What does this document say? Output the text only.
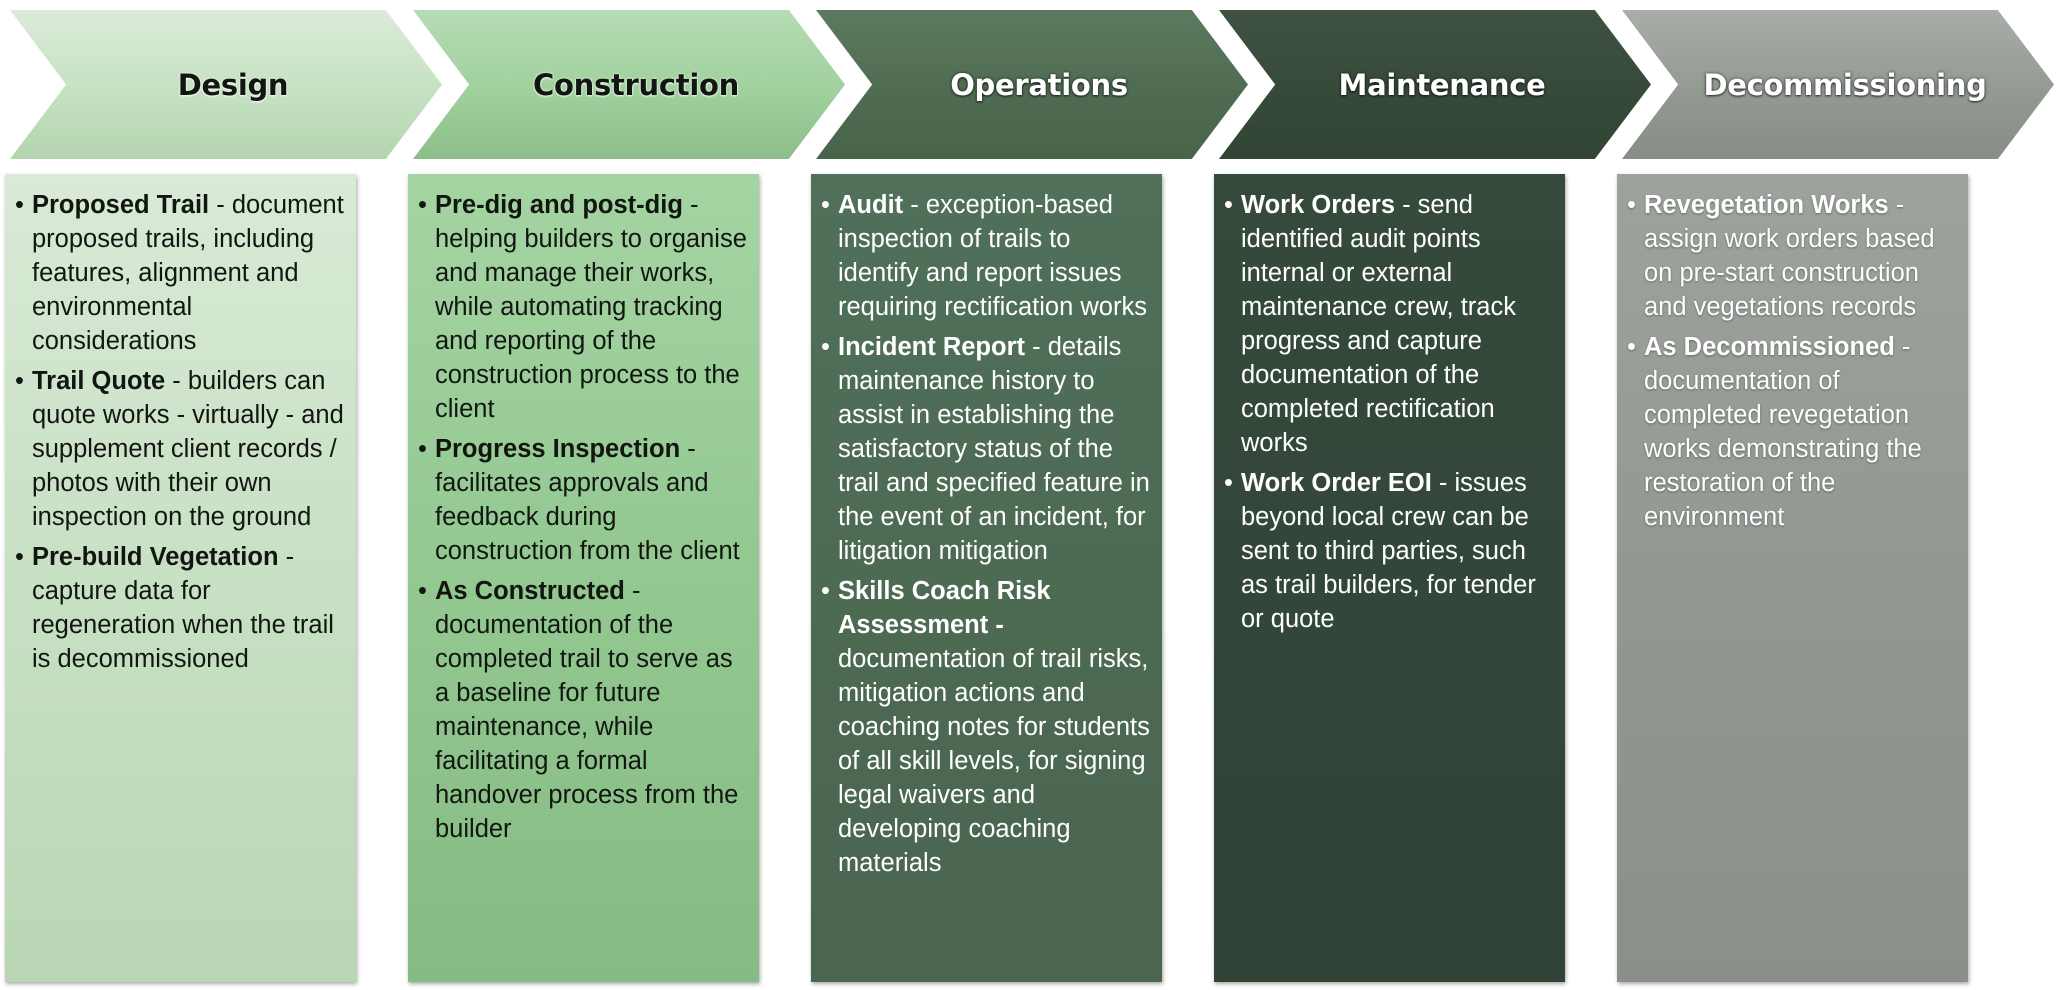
Design	Construction	Operations	Maintenance	Decommissioning
• Proposed Trail - document proposed trails, including features, alignment and environmental considerations
• Trail Quote - builders can quote works - virtually - and supplement client records / photos with their own inspection on the ground
• Pre-build Vegetation - capture data for regeneration when the trail is decommissioned
• Pre-dig and post-dig - helping builders to organise and manage their works, while automating tracking and reporting of the construction process to the client
• Progress Inspection - facilitates approvals and feedback during construction from the client
• As Constructed - documentation of the completed trail to serve as a baseline for future maintenance, while facilitating a formal handover process from the builder
• Audit - exception-based inspection of trails to identify and report issues requiring rectification works
• Incident Report - details maintenance history to assist in establishing the satisfactory status of the trail and specified feature in the event of an incident, for litigation mitigation
• Skills Coach Risk Assessment - documentation of trail risks, mitigation actions and coaching notes for students of all skill levels, for signing legal waivers and developing coaching materials
• Work Orders - send identified audit points internal or external maintenance crew, track progress and capture documentation of the completed rectification works
• Work Order EOI - issues beyond local crew can be sent to third parties, such as trail builders, for tender or quote
• Revegetation Works - assign work orders based on pre-start construction and vegetations records
• As Decommissioned - documentation of completed revegetation works demonstrating the restoration of the environment
